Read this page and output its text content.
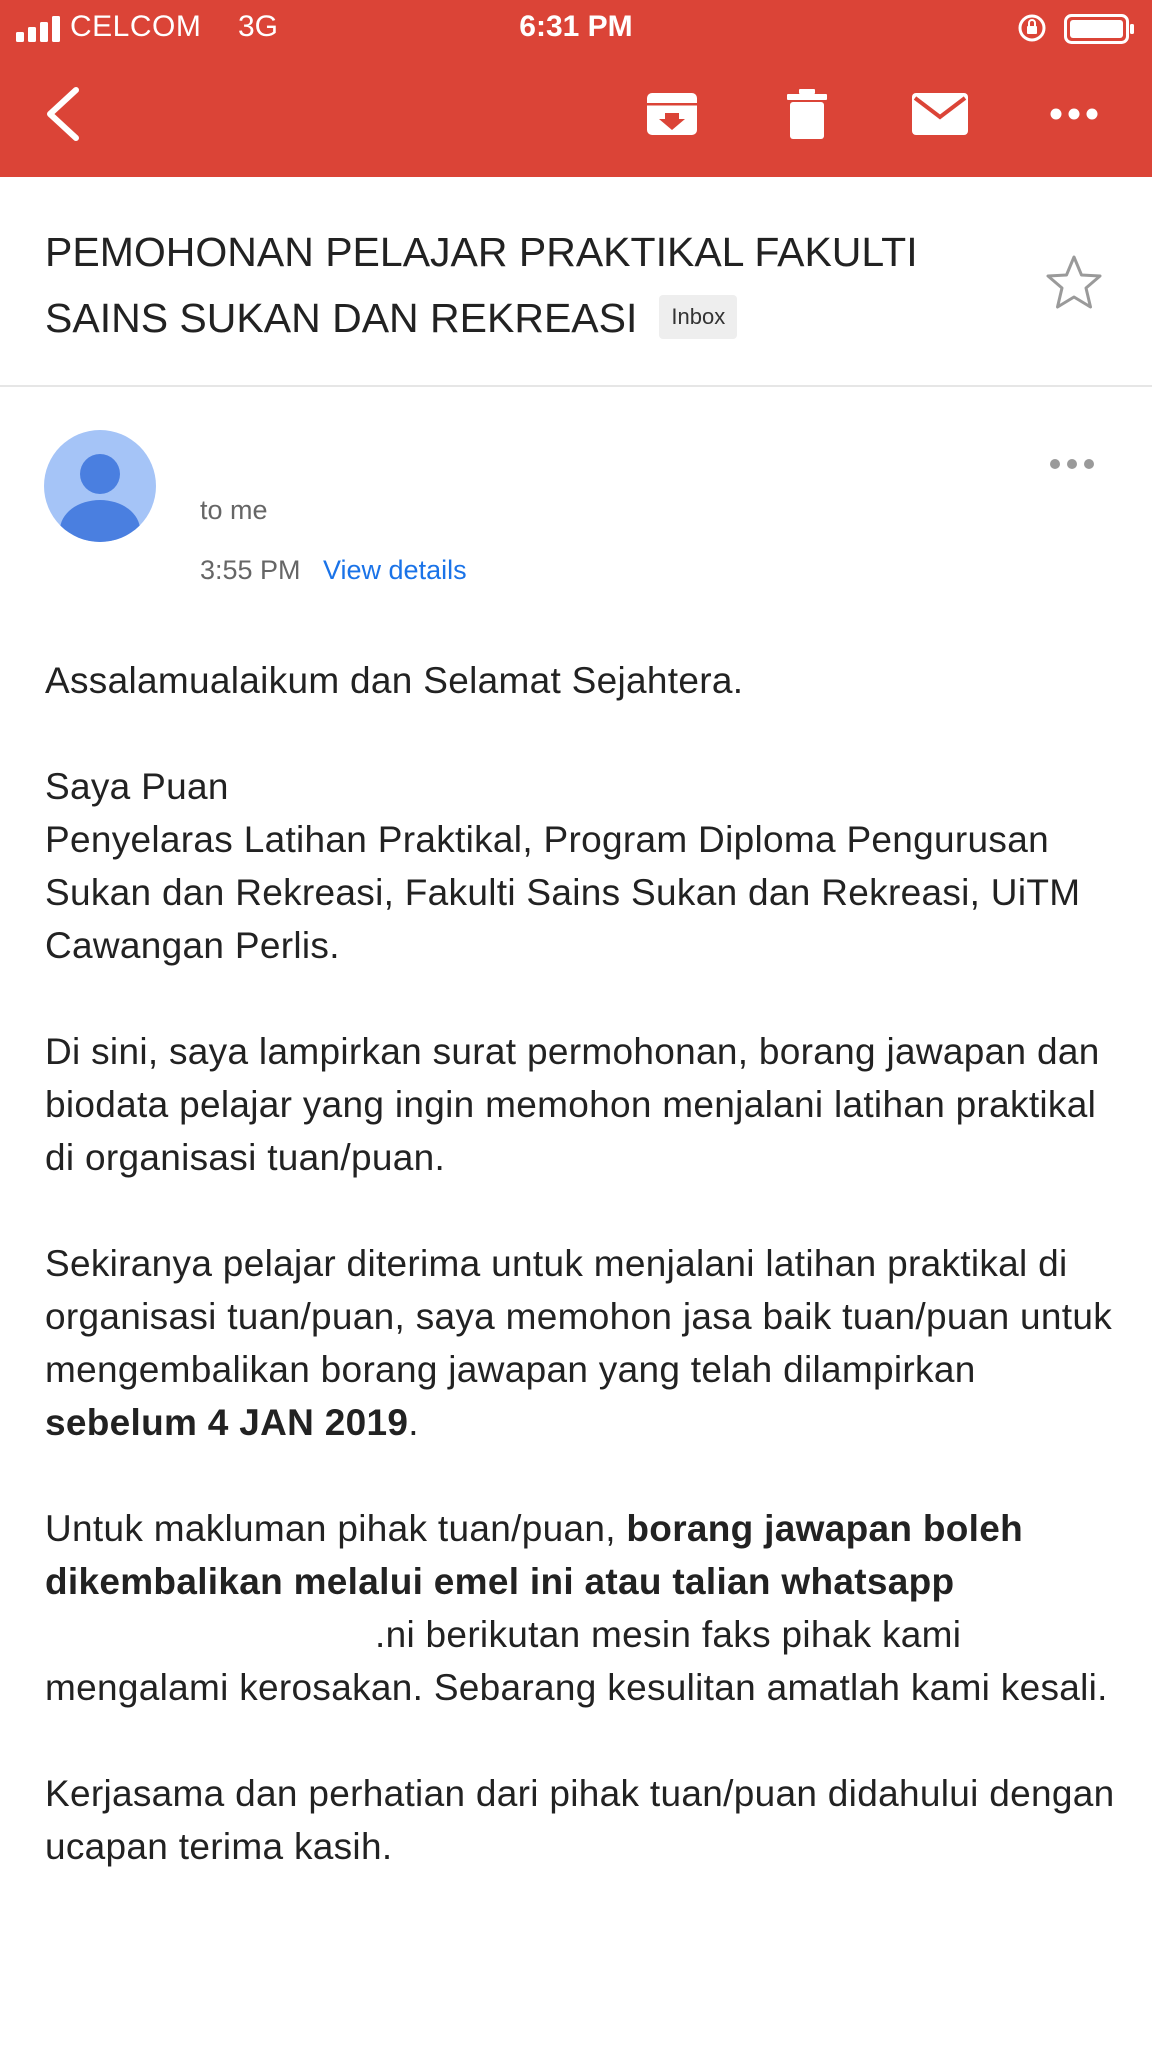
CELCOM 3G	6:31 PM
PEMOHONAN PELAJAR PRAKTIKAL FAKULTI SAINS SUKAN DAN REKREASI Inbox
to me
3:55 PM View details

Assalamualaikum dan Selamat Sejahtera.

Saya Puan
Penyelaras Latihan Praktikal, Program Diploma Pengurusan Sukan dan Rekreasi, Fakulti Sains Sukan dan Rekreasi, UiTM Cawangan Perlis.

Di sini, saya lampirkan surat permohonan, borang jawapan dan biodata pelajar yang ingin memohon menjalani latihan praktikal di organisasi tuan/puan.

Sekiranya pelajar diterima untuk menjalani latihan praktikal di organisasi tuan/puan, saya memohon jasa baik tuan/puan untuk mengembalikan borang jawapan yang telah dilampirkan sebelum 4 JAN 2019.

Untuk makluman pihak tuan/puan, borang jawapan boleh dikembalikan melalui emel ini atau talian whatsapp .ni berikutan mesin faks pihak kami mengalami kerosakan. Sebarang kesulitan amatlah kami kesali.

Kerjasama dan perhatian dari pihak tuan/puan didahului dengan ucapan terima kasih.
